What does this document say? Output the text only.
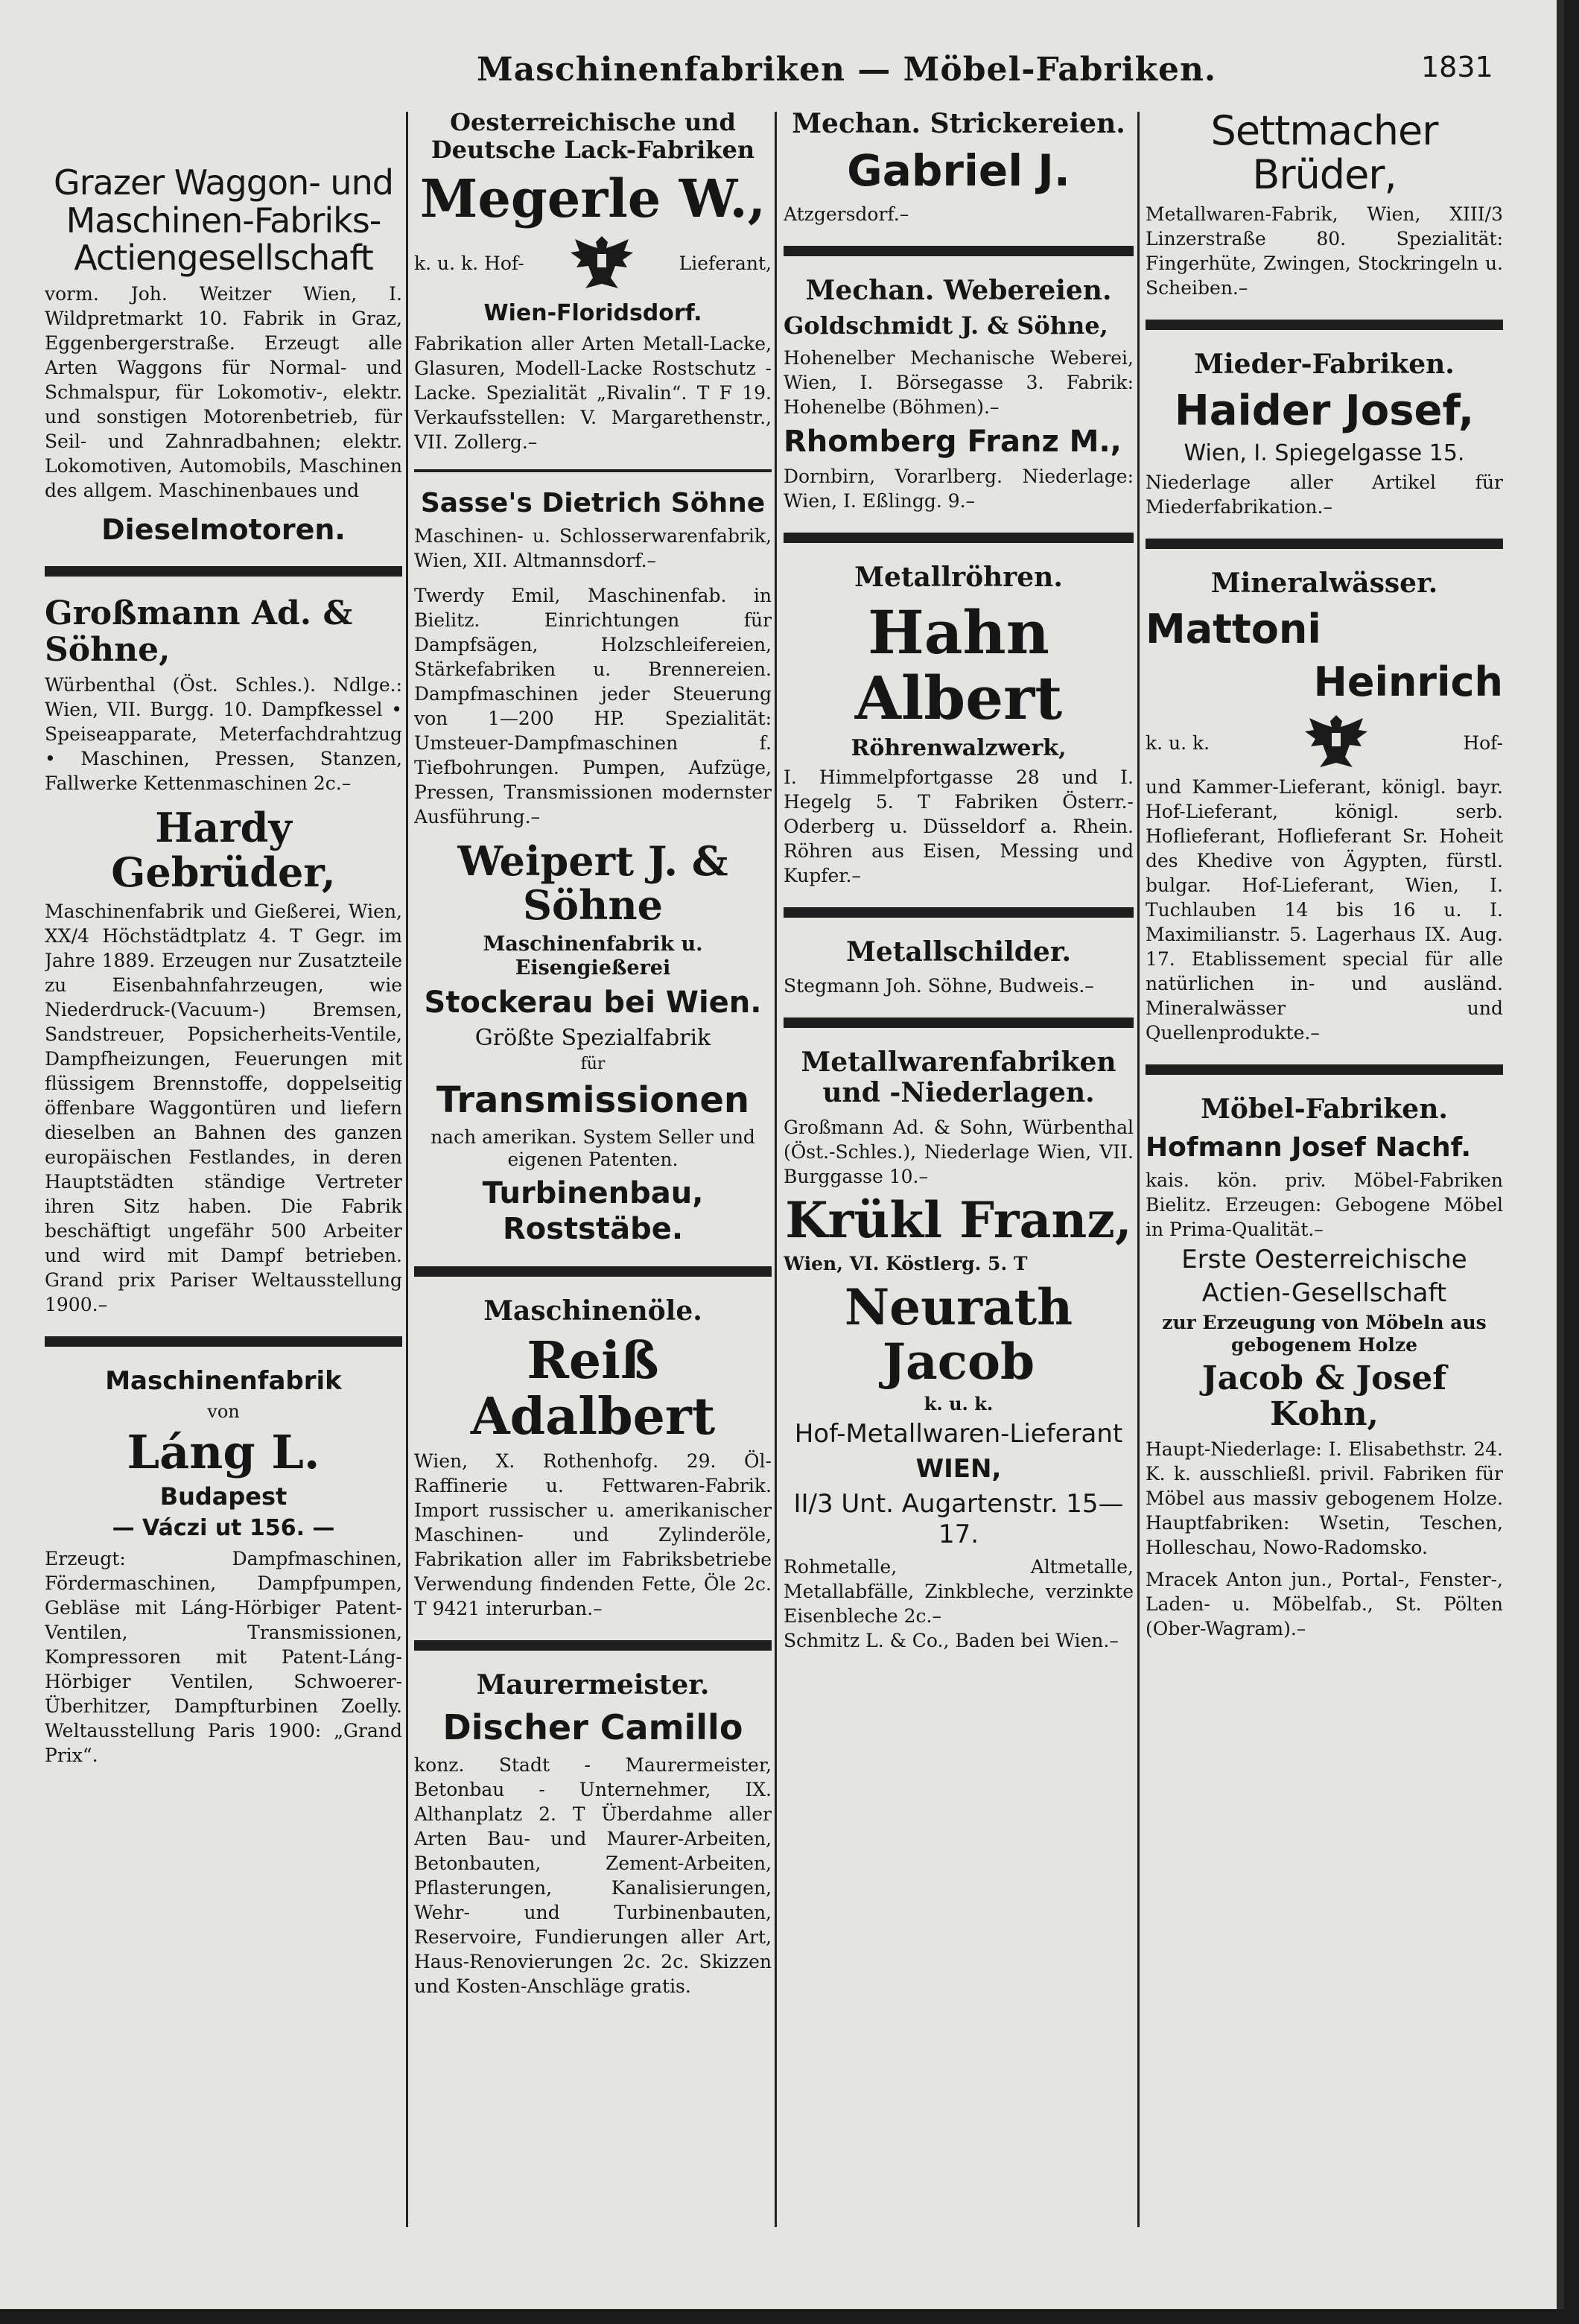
Maschinenfabriken — Möbel-Fabriken.	1831
Grazer Waggon- und Maschinen-Fabriks-Actiengesellschaft
vorm. Joh. Weitzer Wien, I. Wildpretmarkt 10. Fabrik in Graz, Eggenbergerstraße. Erzeugt alle Arten Waggons für Normal- und Schmalspur, für Lokomotiv-, elektr. und sonstigen Motorenbetrieb, für Seil- und Zahnradbahnen; elektr. Lokomotiven, Automobils, Maschinen des allgem. Maschinenbaues und
Dieselmotoren.
Großmann Ad. & Söhne,
Würbenthal (Öst. Schles.). Ndlge.: Wien, VII. Burgg. 10. Dampfkessel • Speiseapparate, Meterfachdrahtzug • Maschinen, Pressen, Stanzen, Fallwerke Kettenmaschinen 2c.–
Hardy Gebrüder,
Maschinenfabrik und Gießerei, Wien, XX/4 Höchstädtplatz 4. T Gegr. im Jahre 1889. Erzeugen nur Zusatzteile zu Eisenbahnfahrzeugen, wie Niederdruck-(Vacuum-) Bremsen, Sandstreuer, Popsicherheits-Ventile, Dampfheizungen, Feuerungen mit flüssigem Brennstoffe, doppelseitig öffenbare Waggontüren und liefern dieselben an Bahnen des ganzen europäischen Festlandes, in deren Hauptstädten ständige Vertreter ihren Sitz haben. Die Fabrik beschäftigt ungefähr 500 Arbeiter und wird mit Dampf betrieben. Grand prix Pariser Weltausstellung 1900.–
Maschinenfabrik
von
Láng L.
Budapest
— Váczi ut 156. —
Erzeugt: Dampfmaschinen, Fördermaschinen, Dampfpumpen, Gebläse mit Láng-Hörbiger Patent-Ventilen, Transmissionen, Kompressoren mit Patent-Láng-Hörbiger Ventilen, Schwoerer-Überhitzer, Dampfturbinen Zoelly. Weltausstellung Paris 1900: „Grand Prix“.
Oesterreichische und Deutsche Lack-Fabriken
Megerle W.,
k. u. k. Hof-	Lieferant,
Wien-Floridsdorf.
Fabrikation aller Arten Metall-Lacke, Glasuren, Modell-Lacke Rostschutz - Lacke. Spezialität „Rivalin“. T F 19. Verkaufsstellen: V. Margarethenstr., VII. Zollerg.–
Sasse's Dietrich Söhne
Maschinen- u. Schlosserwarenfabrik, Wien, XII. Altmannsdorf.–
Twerdy Emil, Maschinenfab. in Bielitz. Einrichtungen für Dampfsägen, Holzschleifereien, Stärkefabriken u. Brennereien. Dampfmaschinen jeder Steuerung von 1—200 HP. Spezialität: Umsteuer-Dampfmaschinen f. Tiefbohrungen. Pumpen, Aufzüge, Pressen, Transmissionen modernster Ausführung.–
Weipert J. & Söhne
Maschinenfabrik u. Eisengießerei
Stockerau bei Wien.
Größte Spezialfabrik
für
Transmissionen
nach amerikan. System Seller und eigenen Patenten.
Turbinenbau, Roststäbe.
Maschinenöle.
Reiß Adalbert
Wien, X. Rothenhofg. 29. Öl-Raffinerie u. Fettwaren-Fabrik. Import russischer u. amerikanischer Maschinen- und Zylinderöle, Fabrikation aller im Fabriksbetriebe Verwendung findenden Fette, Öle 2c. T 9421 interurban.–
Maurermeister.
Discher Camillo
konz. Stadt - Maurermeister, Betonbau - Unternehmer, IX. Althanplatz 2. T Überdahme aller Arten Bau- und Maurer-Arbeiten, Betonbauten, Zement-Arbeiten, Pflasterungen, Kanalisierungen, Wehr- und Turbinenbauten, Reservoire, Fundierungen aller Art, Haus-Renovierungen 2c. 2c. Skizzen und Kosten-Anschläge gratis.
Mechan. Strickereien.
Gabriel J.
Atzgersdorf.–
Mechan. Webereien.
Goldschmidt J. & Söhne,
Hohenelber Mechanische Weberei, Wien, I. Börsegasse 3. Fabrik: Hohenelbe (Böhmen).–
Rhomberg Franz M.,
Dornbirn, Vorarlberg. Niederlage: Wien, I. Eßlingg. 9.–
Metallröhren.
Hahn Albert
Röhrenwalzwerk,
I. Himmelpfortgasse 28 und I. Hegelg 5. T Fabriken Österr.-Oderberg u. Düsseldorf a. Rhein. Röhren aus Eisen, Messing und Kupfer.–
Metallschilder.
Stegmann Joh. Söhne, Budweis.–
Metallwarenfabriken und -Niederlagen.
Großmann Ad. & Sohn, Würbenthal (Öst.-Schles.), Niederlage Wien, VII. Burggasse 10.–
Krükl Franz,
Wien, VI. Köstlerg. 5. T
Neurath Jacob
k. u. k.
Hof-Metallwaren-Lieferant
WIEN,
II/3 Unt. Augartenstr. 15—17.
Rohmetalle, Altmetalle, Metallabfälle, Zinkbleche, verzinkte Eisenbleche 2c.–
Schmitz L. & Co., Baden bei Wien.–
Settmacher Brüder,
Metallwaren-Fabrik, Wien, XIII/3 Linzerstraße 80. Spezialität: Fingerhüte, Zwingen, Stockringeln u. Scheiben.–
Mieder-Fabriken.
Haider Josef,
Wien, I. Spiegelgasse 15.
Niederlage aller Artikel für Miederfabrikation.–
Mineralwässer.
Mattoni
Heinrich
k. u. k.	Hof-
und Kammer-Lieferant, königl. bayr. Hof-Lieferant, königl. serb. Hoflieferant, Hoflieferant Sr. Hoheit des Khedive von Ägypten, fürstl. bulgar. Hof-Lieferant, Wien, I. Tuchlauben 14 bis 16 u. I. Maximilianstr. 5. Lagerhaus IX. Aug. 17. Etablissement special für alle natürlichen in- und ausländ. Mineralwässer und Quellenprodukte.–
Möbel-Fabriken.
Hofmann Josef Nachf.
kais. kön. priv. Möbel-Fabriken Bielitz. Erzeugen: Gebogene Möbel in Prima-Qualität.–
Erste Oesterreichische
Actien-Gesellschaft
zur Erzeugung von Möbeln aus gebogenem Holze
Jacob & Josef Kohn,
Haupt-Niederlage: I. Elisabethstr. 24. K. k. ausschließl. privil. Fabriken für Möbel aus massiv gebogenem Holze. Hauptfabriken: Wsetin, Teschen, Holleschau, Nowo-Radomsko.
Mracek Anton jun., Portal-, Fenster-, Laden- u. Möbelfab., St. Pölten (Ober-Wagram).–
